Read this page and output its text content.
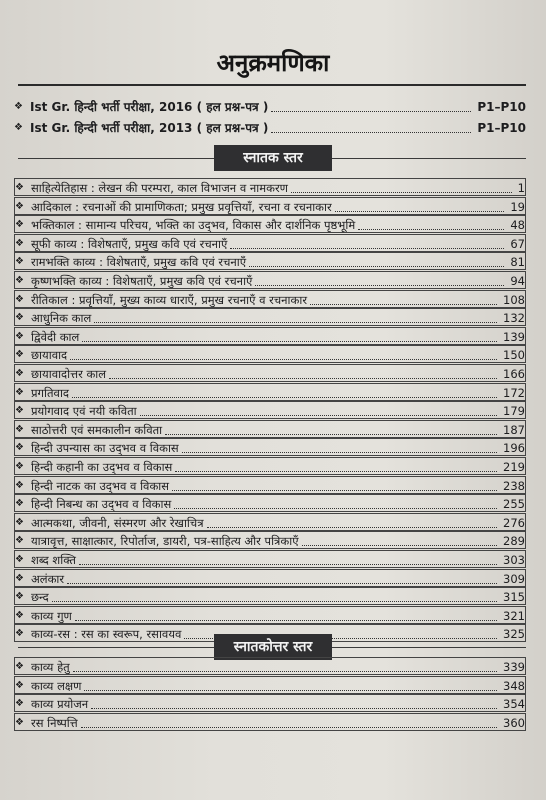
अनुक्रमणिका
❖ Ist Gr. हिन्दी भर्ती परीक्षा, 2016 ( हल प्रश्न-पत्र )	P1–P10
❖ Ist Gr. हिन्दी भर्ती परीक्षा, 2013 ( हल प्रश्न-पत्र )	P1–P10
स्नातक स्तर
❖ साहित्येतिहास : लेखन की परम्परा, काल विभाजन व नामकरण	1
❖ आदिकाल : रचनाओं की प्रामाणिकता; प्रमुख प्रवृत्तियाँ, रचना व रचनाकार	19
❖ भक्तिकाल : सामान्य परिचय, भक्ति का उद्‌भव, विकास और दार्शनिक पृष्ठभूमि	48
❖ सूफी काव्य : विशेषताएँ, प्रमुख कवि एवं रचनाएँ	67
❖ रामभक्ति काव्य : विशेषताएँ, प्रमुख कवि एवं रचनाएँ	81
❖ कृष्णभक्ति काव्य : विशेषताएँ, प्रमुख कवि एवं रचनाएँ	94
❖ रीतिकाल : प्रवृत्तियाँ, मुख्य काव्य धाराएँ, प्रमुख रचनाएँ व रचनाकार	108
❖ आधुनिक काल	132
❖ द्विवेदी काल	139
❖ छायावाद	150
❖ छायावादोत्तर काल	166
❖ प्रगतिवाद	172
❖ प्रयोगवाद एवं नयी कविता	179
❖ साठोत्तरी एवं समकालीन कविता	187
❖ हिन्दी उपन्यास का उद्‌भव व विकास	196
❖ हिन्दी कहानी का उद्‌भव व विकास	219
❖ हिन्दी नाटक का उद्‌भव व विकास	238
❖ हिन्दी निबन्ध का उद्‌भव व विकास	255
❖ आत्मकथा, जीवनी, संस्मरण और रेखाचित्र	276
❖ यात्रावृत्त, साक्षात्कार, रिपोर्ताज, डायरी, पत्र-साहित्य और पत्रिकाएँ	289
❖ शब्द शक्ति	303
❖ अलंकार	309
❖ छन्द	315
❖ काव्य गुण	321
❖ काव्य-रस : रस का स्वरूप, रसावयव	325
स्नातकोत्तर स्तर
❖ काव्य हेतु	339
❖ काव्य लक्षण	348
❖ काव्य प्रयोजन	354
❖ रस निष्पत्ति	360
